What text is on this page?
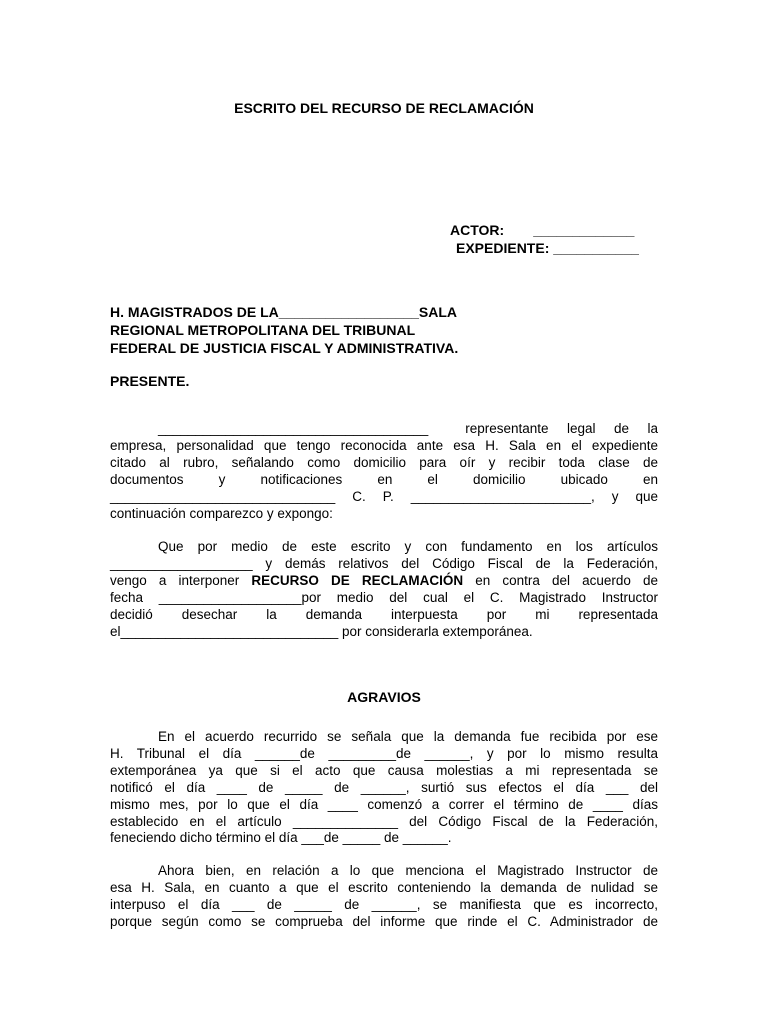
ESCRITO DEL RECURSO DE RECLAMACIÓN
ACTOR: _____________
EXPEDIENTE: ___________
H. MAGISTRADOS DE LA__________________SALA
REGIONAL METROPOLITANA DEL TRIBUNAL
FEDERAL DE JUSTICIA FISCAL Y ADMINISTRATIVA.
PRESENTE.
____________________________________  representante legal de la
empresa, personalidad que tengo reconocida ante esa H. Sala en el expediente
citado al rubro, señalando como domicilio para oír y recibir toda clase de
documentos     y     notificaciones     en     el     domicilio     ubicado     en
______________________________ C. P. ________________________, y que
continuación comparezco y expongo:
Que por medio de este escrito y con fundamento en los artículos
___________________ y demás relativos del Código Fiscal de la Federación,
vengo a interponer RECURSO DE RECLAMACIÓN en contra del acuerdo de
fecha ___________________por medio del cual el C. Magistrado Instructor
decidió    desechar    la    demanda    interpuesta    por    mi    representada
el_____________________________ por considerarla extemporánea.
AGRAVIOS
En el acuerdo recurrido se señala que la demanda fue recibida por ese
H. Tribunal el día ______de _________de ______, y por lo mismo resulta
extemporánea ya que si el acto que causa molestias a mi representada se
notificó el día ____ de _____ de ______, surtió sus efectos el día ___ del
mismo mes, por lo que el día ____ comenzó a correr el término de ____ días
establecido en el artículo ______________ del Código Fiscal de la Federación,
feneciendo dicho término el día ___de _____ de ______.
Ahora bien, en relación a lo que menciona el Magistrado Instructor de
esa H. Sala, en cuanto a que el escrito conteniendo la demanda de nulidad se
interpuso el día ___ de _____ de ______, se manifiesta que es incorrecto,
porque según como se comprueba del informe que rinde el C. Administrador de
